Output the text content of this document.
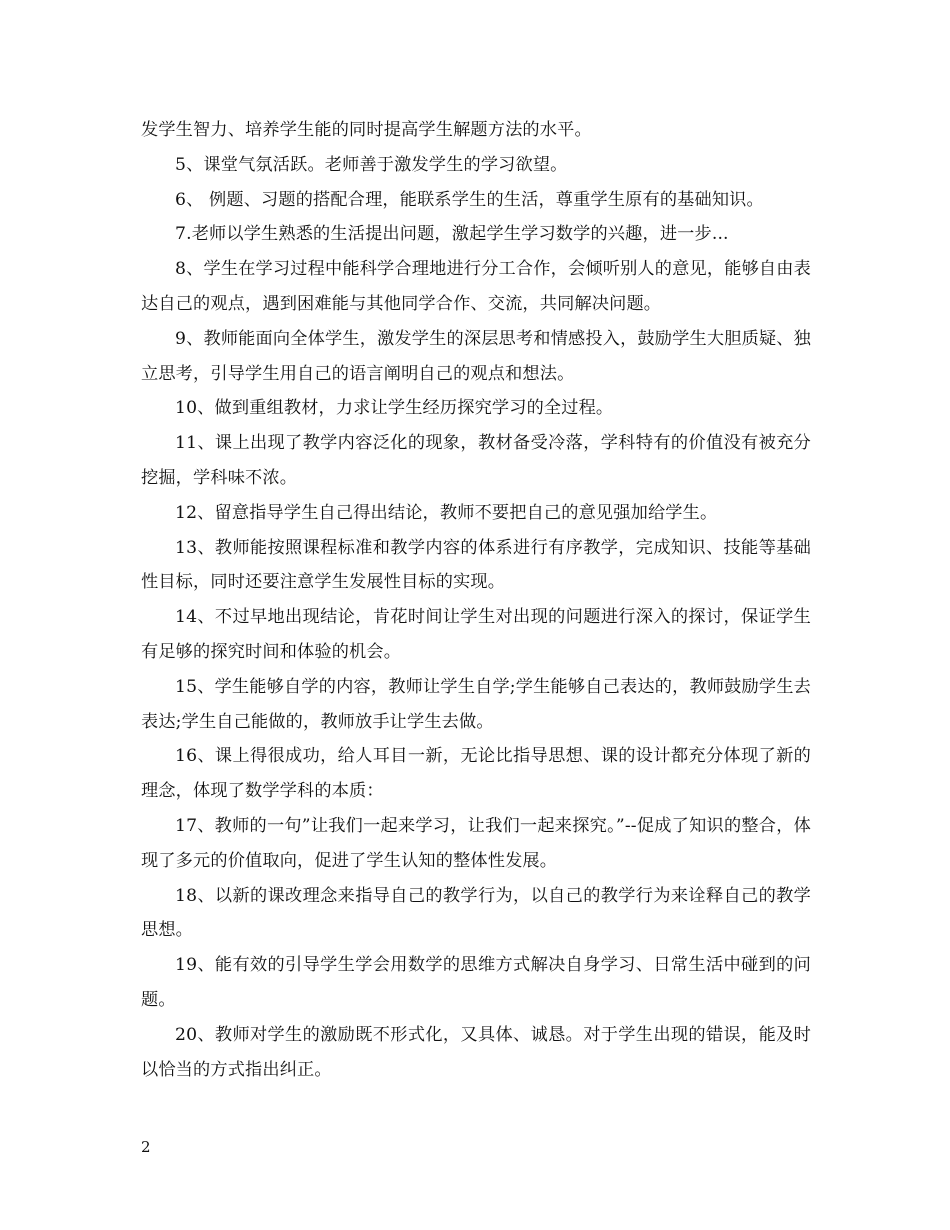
发学生智力、培养学生能的同时提高学生解题方法的水平。

5、课堂气氛活跃。老师善于激发学生的学习欲望。

6、 例题、习题的搭配合理，能联系学生的生活，尊重学生原有的基础知识。

7.老师以学生熟悉的生活提出问题，激起学生学习数学的兴趣，进一步...

8、学生在学习过程中能科学合理地进行分工合作，会倾听别人的意见，能够自由表达自己的观点，遇到困难能与其他同学合作、交流，共同解决问题。

9、教师能面向全体学生，激发学生的深层思考和情感投入，鼓励学生大胆质疑、独立思考，引导学生用自己的语言阐明自己的观点和想法。

10、做到重组教材，力求让学生经历探究学习的全过程。

11、课上出现了教学内容泛化的现象，教材备受冷落，学科特有的价值没有被充分挖掘，学科味不浓。

12、留意指导学生自己得出结论，教师不要把自己的意见强加给学生。

13、教师能按照课程标准和教学内容的体系进行有序教学，完成知识、技能等基础性目标，同时还要注意学生发展性目标的实现。

14、不过早地出现结论，肯花时间让学生对出现的问题进行深入的探讨，保证学生有足够的探究时间和体验的机会。

15、学生能够自学的内容，教师让学生自学;学生能够自己表达的，教师鼓励学生去表达;学生自己能做的，教师放手让学生去做。

16、课上得很成功，给人耳目一新，无论比指导思想、课的设计都充分体现了新的理念，体现了数学学科的本质：

17、教师的一句”让我们一起来学习，让我们一起来探究。”--促成了知识的整合，体现了多元的价值取向，促进了学生认知的整体性发展。

18、以新的课改理念来指导自己的教学行为，以自己的教学行为来诠释自己的教学思想。

19、能有效的引导学生学会用数学的思维方式解决自身学习、日常生活中碰到的问题。

20、教师对学生的激励既不形式化，又具体、诚恳。对于学生出现的错误，能及时以恰当的方式指出纠正。

2
